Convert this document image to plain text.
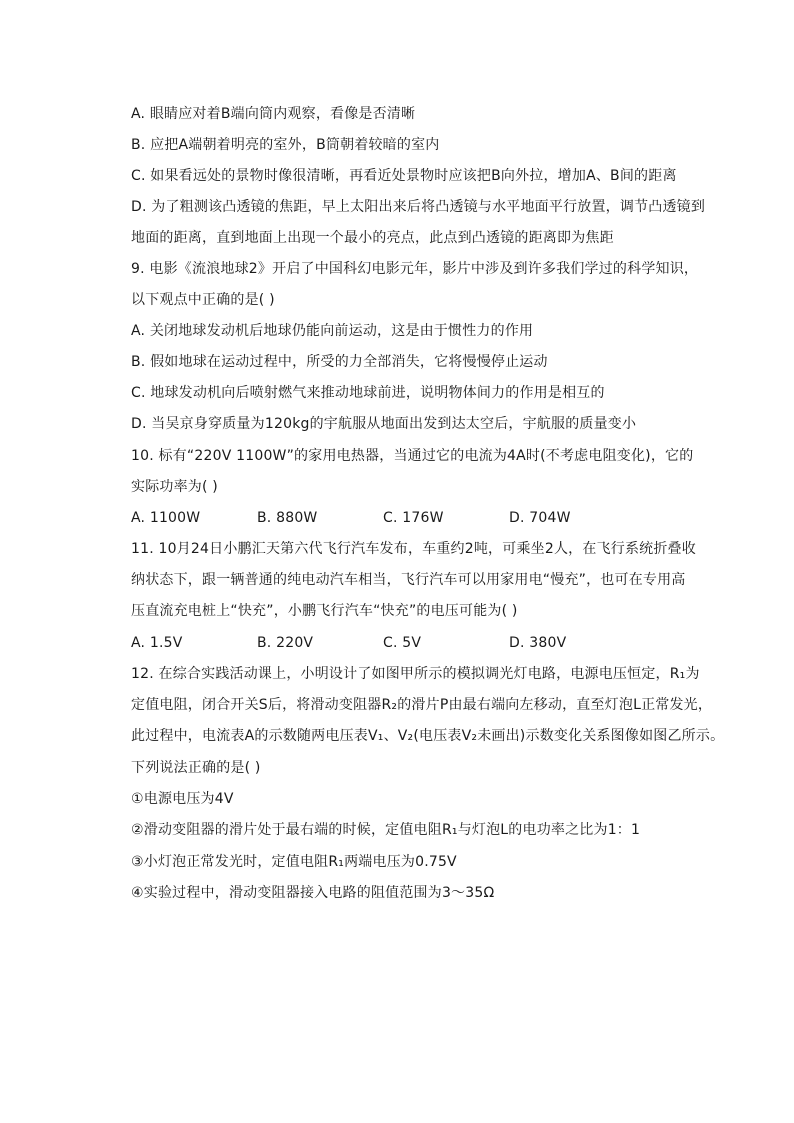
A. 眼睛应对着B端向筒内观察，看像是否清晰
B. 应把A端朝着明亮的室外，B筒朝着较暗的室内
C. 如果看远处的景物时像很清晰，再看近处景物时应该把B向外拉，增加A、B间的距离
D. 为了粗测该凸透镜的焦距，早上太阳出来后将凸透镜与水平地面平行放置，调节凸透镜到
地面的距离，直到地面上出现一个最小的亮点，此点到凸透镜的距离即为焦距
9. 电影《流浪地球2》开启了中国科幻电影元年，影片中涉及到许多我们学过的科学知识，
以下观点中正确的是( )
A. 关闭地球发动机后地球仍能向前运动，这是由于惯性力的作用
B. 假如地球在运动过程中，所受的力全部消失，它将慢慢停止运动
C. 地球发动机向后喷射燃气来推动地球前进，说明物体间力的作用是相互的
D. 当吴京身穿质量为120kg的宇航服从地面出发到达太空后，宇航服的质量变小
10. 标有“220V 1100W”的家用电热器，当通过它的电流为4A时(不考虑电阻变化)，它的
实际功率为( )
A. 1100W	B. 880W	C. 176W	D. 704W
11. 10月24日小鹏汇天第六代飞行汽车发布，车重约2吨，可乘坐2人，在飞行系统折叠收
纳状态下，跟一辆普通的纯电动汽车相当，飞行汽车可以用家用电“慢充”，也可在专用高
压直流充电桩上“快充”，小鹏飞行汽车“快充”的电压可能为( )
A. 1.5V	B. 220V	C. 5V	D. 380V
12. 在综合实践活动课上，小明设计了如图甲所示的模拟调光灯电路，电源电压恒定，R₁为
定值电阻，闭合开关S后，将滑动变阻器R₂的滑片P由最右端向左移动，直至灯泡L正常发光，
此过程中，电流表A的示数随两电压表V₁、V₂(电压表V₂未画出)示数变化关系图像如图乙所示。
下列说法正确的是( )
①电源电压为4V
②滑动变阻器的滑片处于最右端的时候，定值电阻R₁与灯泡L的电功率之比为1：1
③小灯泡正常发光时，定值电阻R₁两端电压为0.75V
④实验过程中，滑动变阻器接入电路的阻值范围为3～35Ω
